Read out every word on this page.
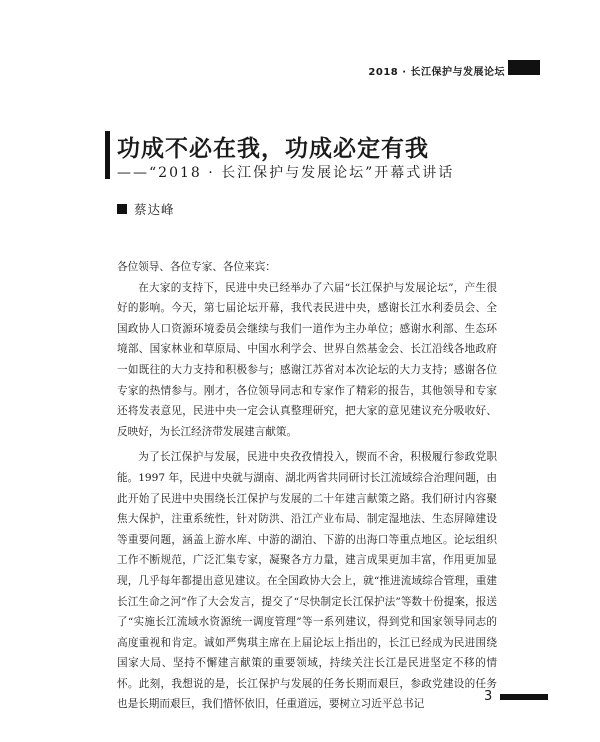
2018 · 长江保护与发展论坛
功成不必在我，功成必定有我
——“2018 · 长江保护与发展论坛”开幕式讲话
蔡达峰

各位领导、各位专家、各位来宾：

在大家的支持下，民进中央已经举办了六届“长江保护与发展论坛”，产生很好的影响。今天，第七届论坛开幕，我代表民进中央，感谢长江水利委员会、全国政协人口资源环境委员会继续与我们一道作为主办单位；感谢水利部、生态环境部、国家林业和草原局、中国水利学会、世界自然基金会、长江沿线各地政府一如既往的大力支持和积极参与；感谢江苏省对本次论坛的大力支持；感谢各位专家的热情参与。刚才，各位领导同志和专家作了精彩的报告，其他领导和专家还将发表意见，民进中央一定会认真整理研究，把大家的意见建议充分吸收好、反映好，为长江经济带发展建言献策。

为了长江保护与发展，民进中央孜孜情投入，锲而不舍，积极履行参政党职能。1997 年，民进中央就与湖南、湖北两省共同研讨长江流域综合治理问题，由此开始了民进中央围绕长江保护与发展的二十年建言献策之路。我们研讨内容聚焦大保护，注重系统性，针对防洪、沿江产业布局、制定湿地法、生态屏障建设等重要问题，涵盖上游水库、中游的湖泊、下游的出海口等重点地区。论坛组织工作不断规范，广泛汇集专家，凝聚各方力量，建言成果更加丰富，作用更加显现，几乎每年都提出意见建议。在全国政协大会上，就“推进流域综合管理，重建长江生命之河”作了大会发言，提交了“尽快制定长江保护法”等数十份提案，报送了“实施长江流域水资源统一调度管理”等一系列建议，得到党和国家领导同志的高度重视和肯定。诚如严隽琪主席在上届论坛上指出的，长江已经成为民进围绕国家大局、坚持不懈建言献策的重要领域，持续关注长江是民进坚定不移的情怀。此刻，我想说的是，长江保护与发展的任务长期而艰巨，参政党建设的任务也是长期而艰巨，我们惜怀依旧，任重道远，要树立习近平总书记

3
